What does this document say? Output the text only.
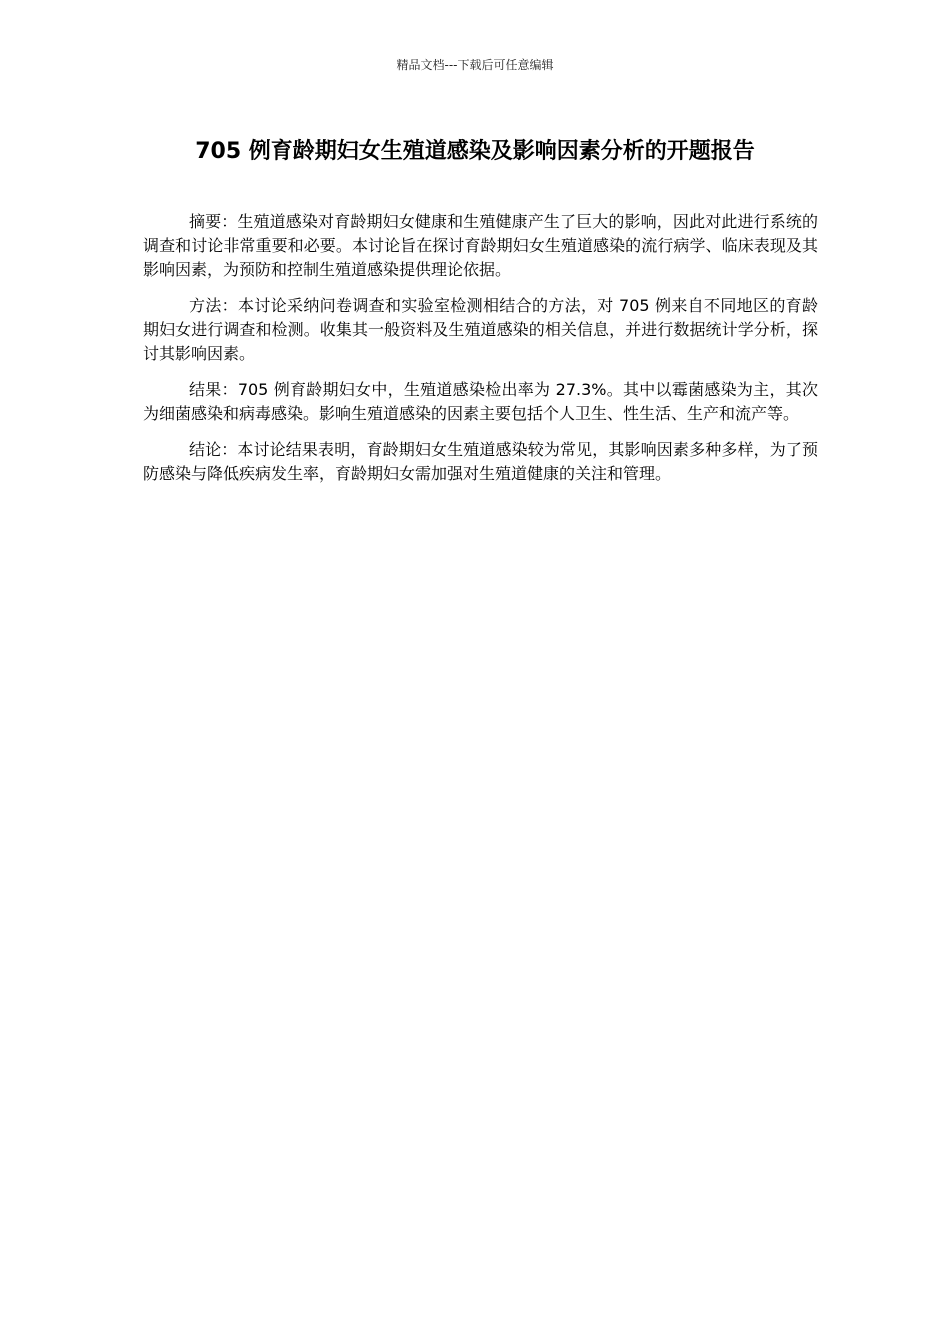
精品文档---下载后可任意编辑
705 例育龄期妇女生殖道感染及影响因素分析的开题报告

摘要：生殖道感染对育龄期妇女健康和生殖健康产生了巨大的影响，因此对此进行系统的调查和讨论非常重要和必要。本讨论旨在探讨育龄期妇女生殖道感染的流行病学、临床表现及其影响因素，为预防和控制生殖道感染提供理论依据。

方法：本讨论采纳问卷调查和实验室检测相结合的方法，对 705 例来自不同地区的育龄期妇女进行调查和检测。收集其一般资料及生殖道感染的相关信息，并进行数据统计学分析，探讨其影响因素。

结果：705 例育龄期妇女中，生殖道感染检出率为 27.3%。其中以霉菌感染为主，其次为细菌感染和病毒感染。影响生殖道感染的因素主要包括个人卫生、性生活、生产和流产等。

结论：本讨论结果表明，育龄期妇女生殖道感染较为常见，其影响因素多种多样，为了预防感染与降低疾病发生率，育龄期妇女需加强对生殖道健康的关注和管理。
